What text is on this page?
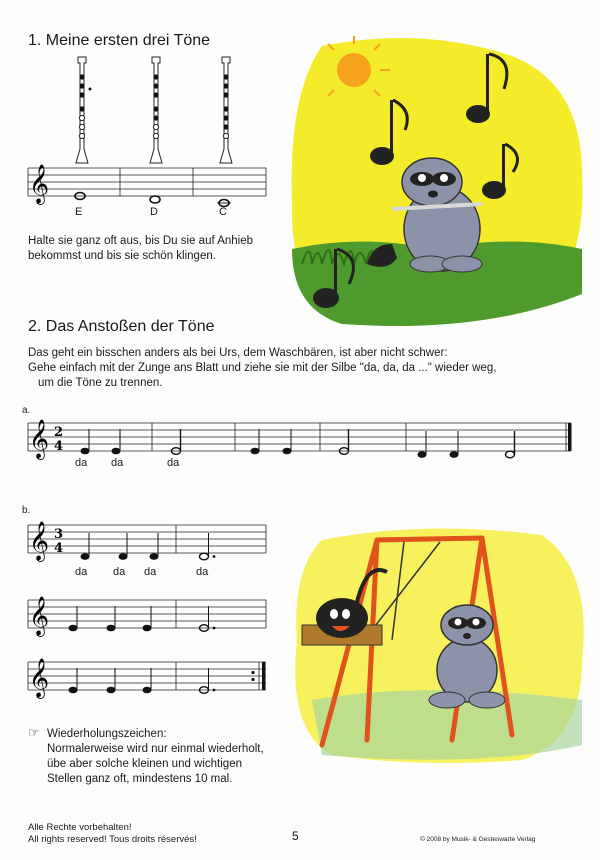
1. Meine ersten drei Töne
𝄞
E	D	C
Halte sie ganz oft aus, bis Du sie auf Anhieb
bekommst und bis sie schön klingen.
2. Das Anstoßen der Töne
Das geht ein bisschen anders als bei Urs, dem Waschbären, ist aber nicht schwer:
Gehe einfach mit der Zunge ans Blatt und ziehe sie mit der Silbe "da, da, da ..." wieder weg,
um die Töne zu trennen.
a.
𝄞 2
4
da da	da
b.
𝄞 3
4
da da da	da
𝄞
𝄞
☞ Wiederholungszeichen:
Normalerweise wird nur einmal wiederholt,
übe aber solche kleinen und wichtigen
Stellen ganz oft, mindestens 10 mal.
Alle Rechte vorbehalten!
All rights reserved! Tous droits réservés!	5	© 2008 by Musik- & Gesteswarte Verlag
